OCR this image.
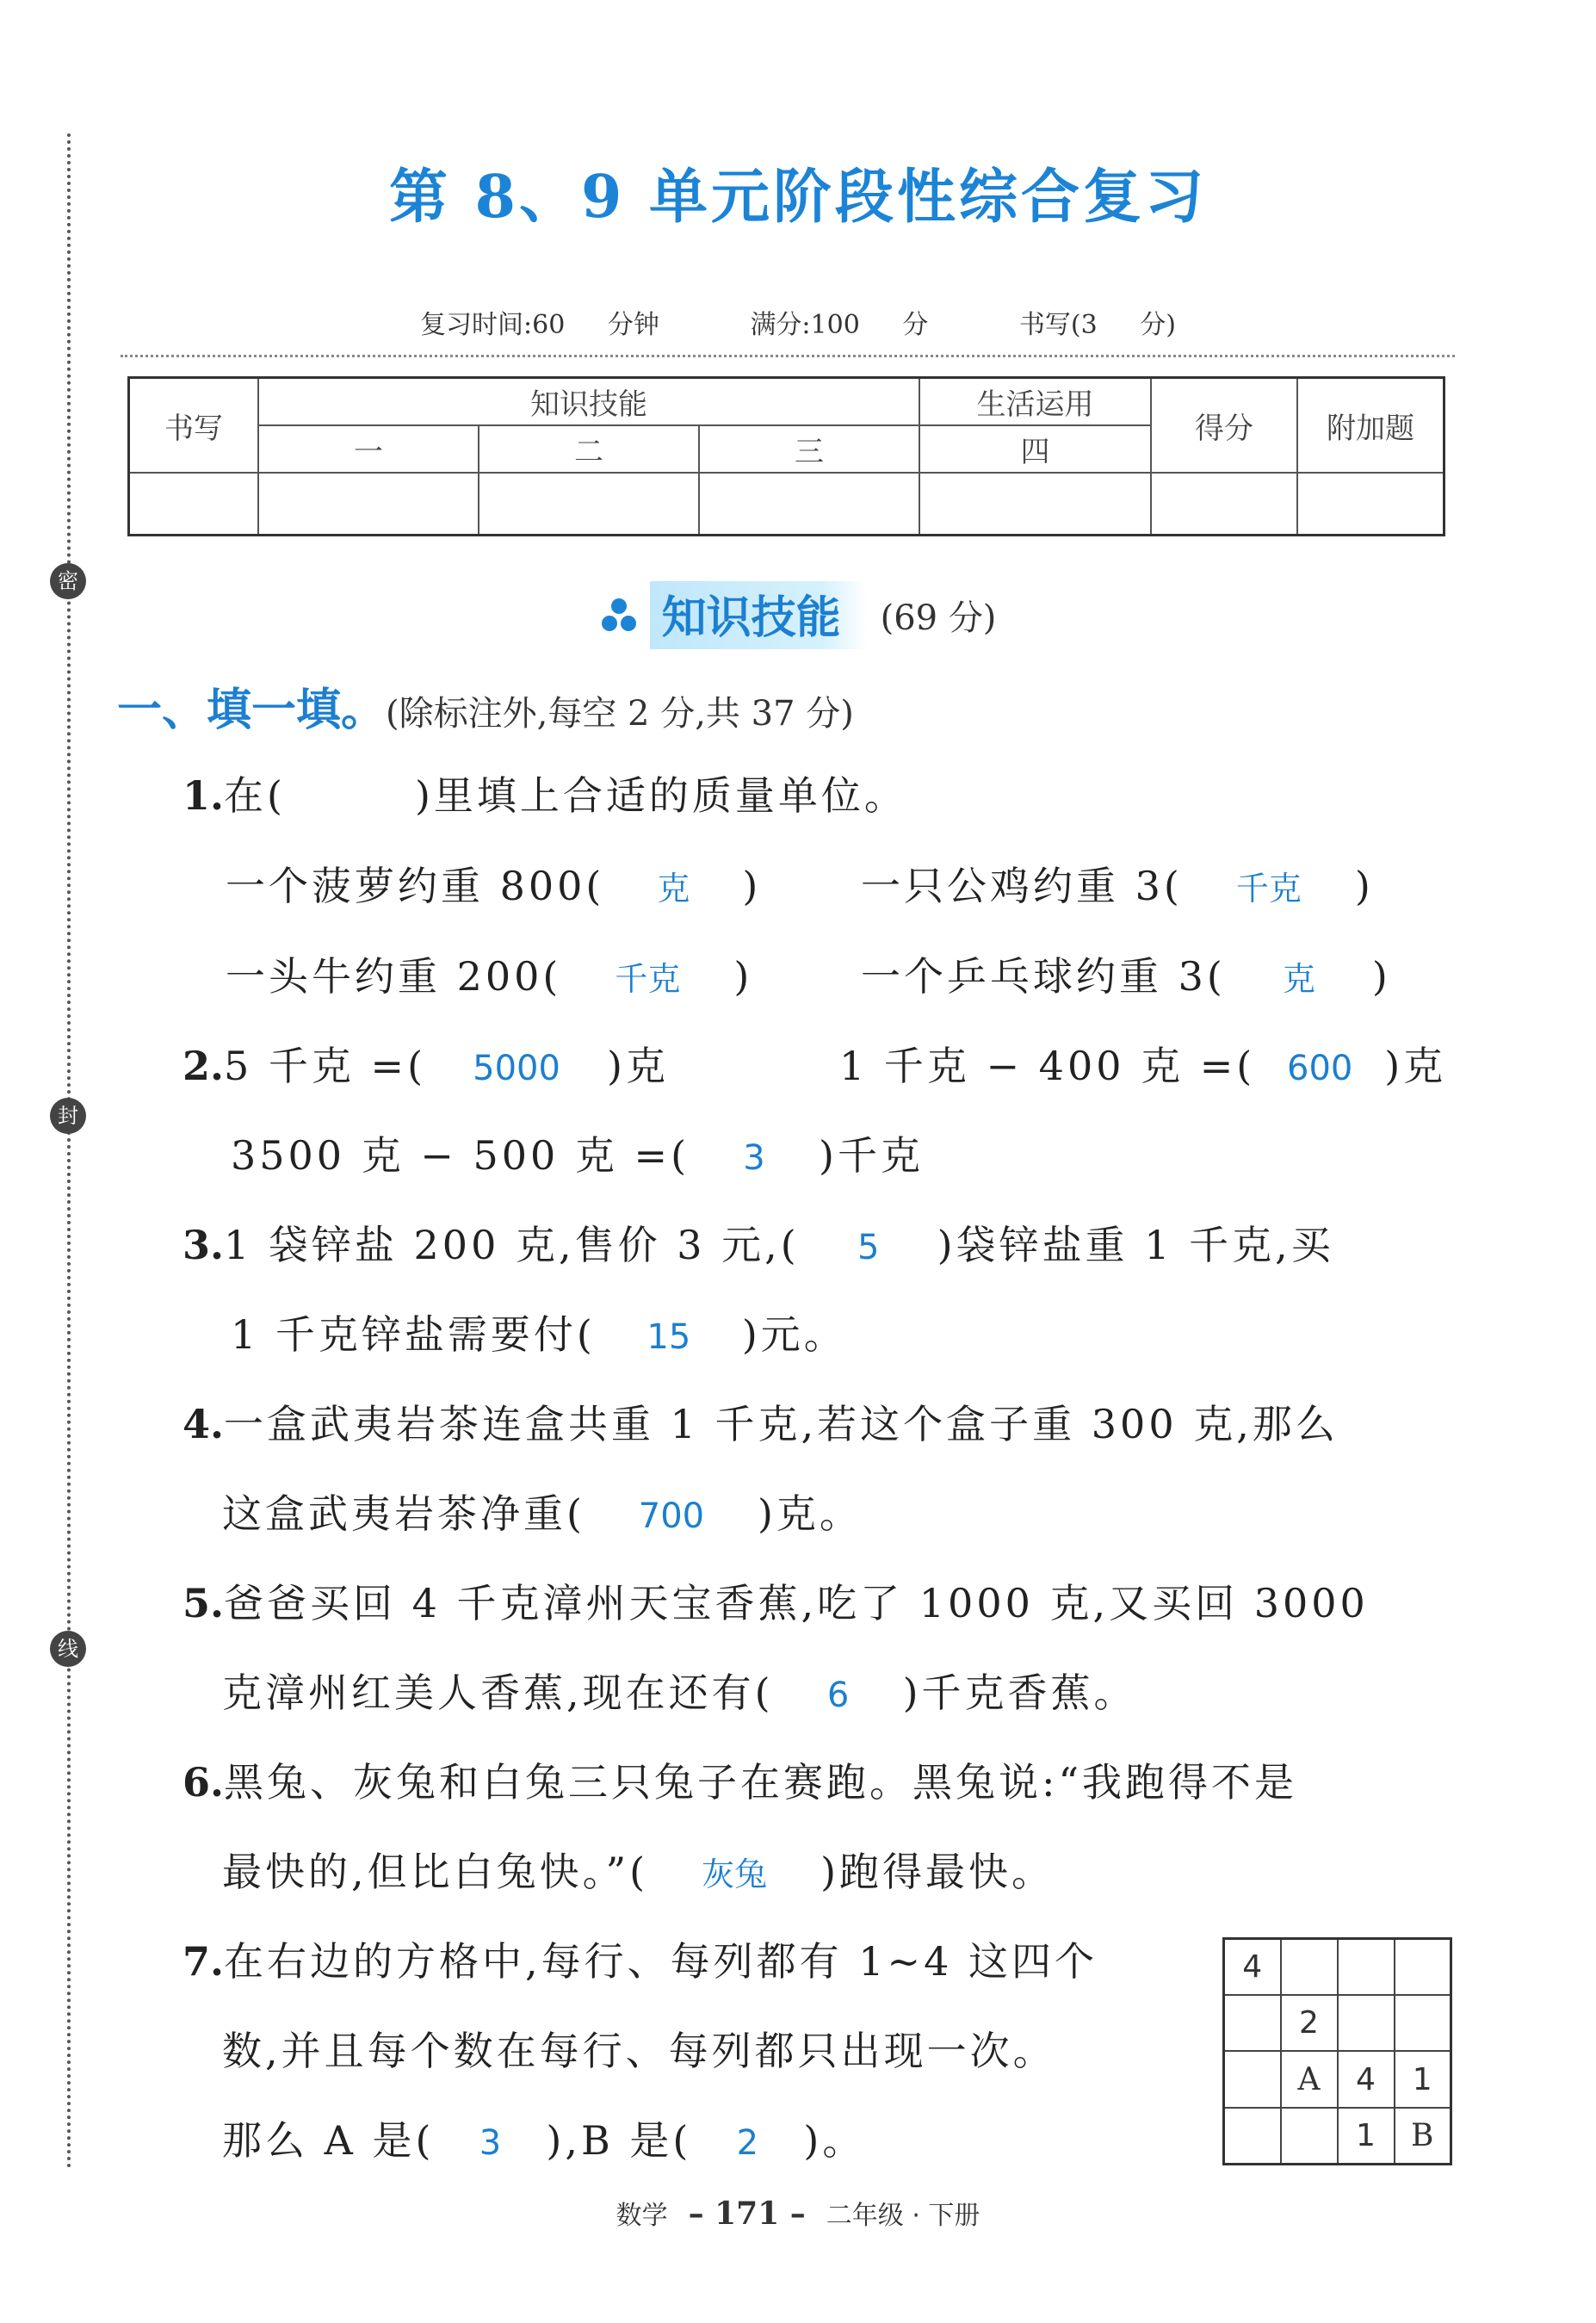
密
封
线
第 8、9 单元阶段性综合复习
复习时间:60 分钟	满分:100 分	书写(3 分)
书写	知识技能			生活运用	得分	附加题
	一	二	三	四		

知识技能 (69 分)
一、填一填。(除标注外,每空 2 分,共 37 分)
1.在(	)里填上合适的质量单位。
一个菠萝约重 800( 克 )	一只公鸡约重 3( 千克 )
一头牛约重 200( 千克 )	一个乒乓球约重 3( 克 )
2.5 千克 =( 5000 )克	1 千克 − 400 克 =( 600 )克
3500 克 − 500 克 =( 3 )千克
3.1 袋锌盐 200 克,售价 3 元,( 5 )袋锌盐重 1 千克,买
1 千克锌盐需要付( 15 )元。
4.一盒武夷岩茶连盒共重 1 千克,若这个盒子重 300 克,那么
这盒武夷岩茶净重( 700 )克。
5.爸爸买回 4 千克漳州天宝香蕉,吃了 1000 克,又买回 3000
克漳州红美人香蕉,现在还有( 6 )千克香蕉。
6.黑兔、灰兔和白兔三只兔子在赛跑。黑兔说:“我跑得不是
最快的,但比白兔快。”( 灰兔 )跑得最快。
7.在右边的方格中,每行、每列都有 1~4 这四个
数,并且每个数在每行、每列都只出现一次。
那么 A 是( 3 ),B 是( 2 )。
4			
	2		
	A	4	1
		1	B
数学 – 171 – 二年级 · 下册
